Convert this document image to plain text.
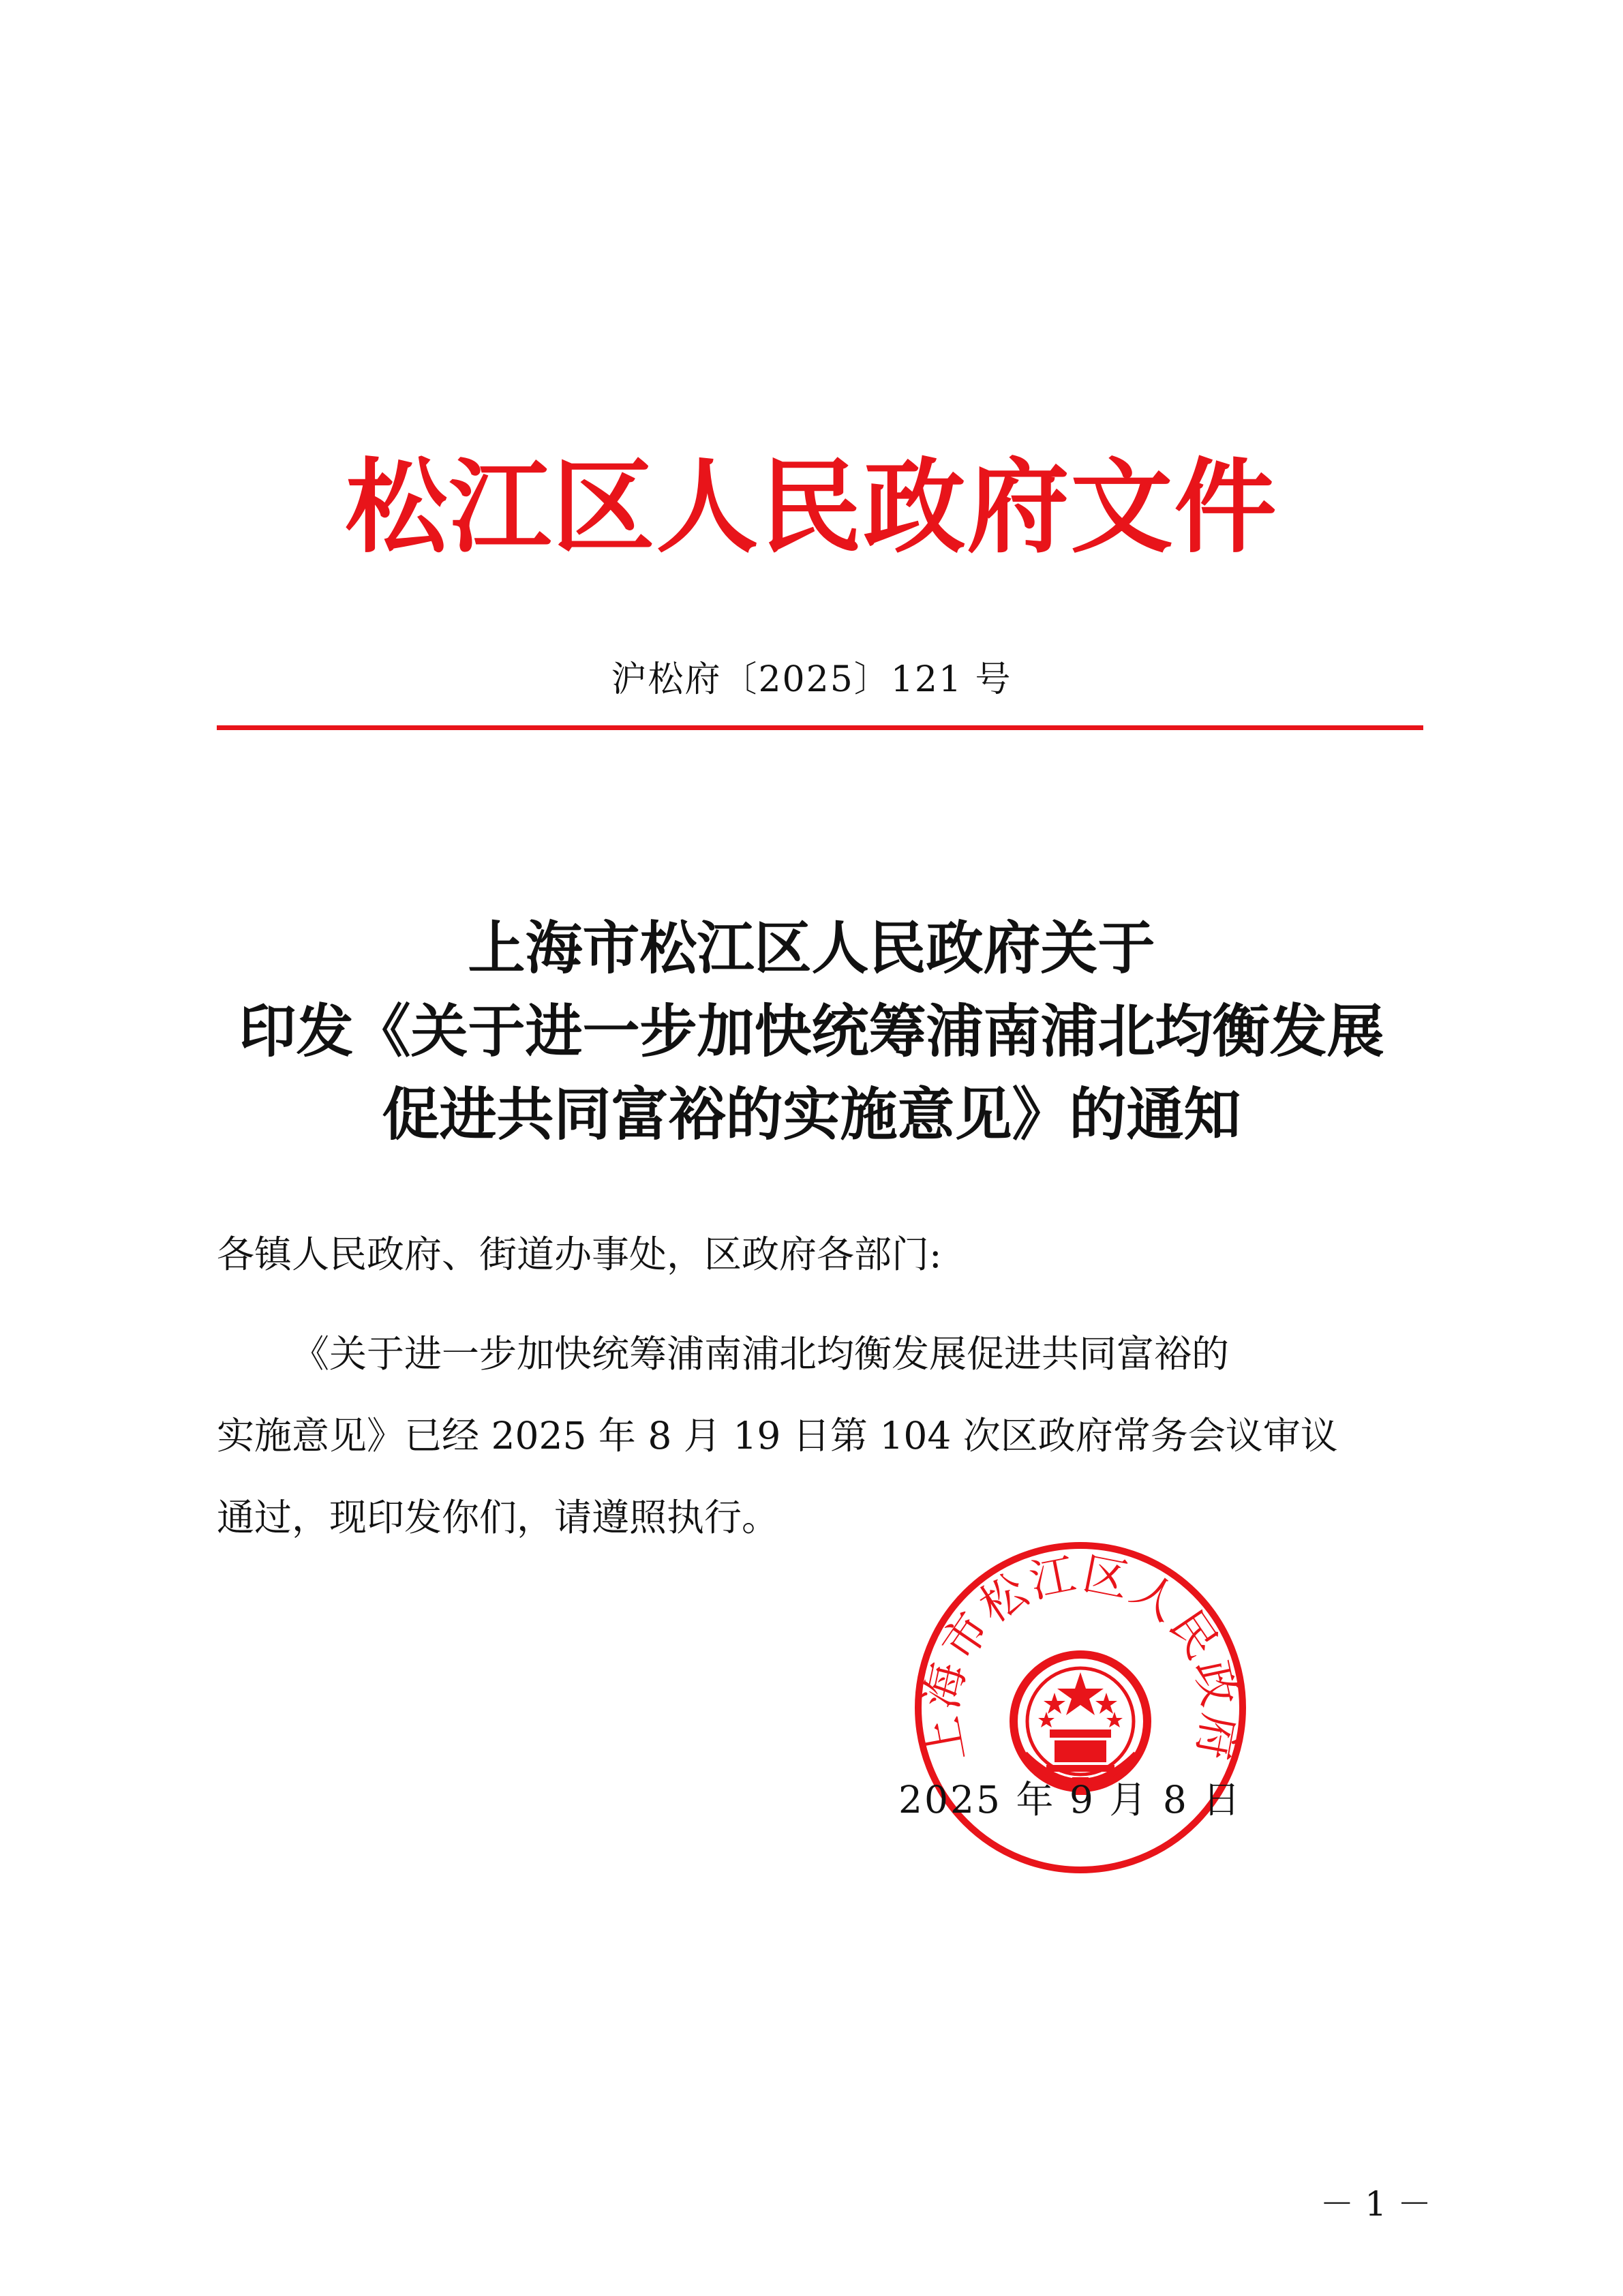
松江区人民政府文件
沪松府〔2025〕121 号
上海市松江区人民政府关于
印发《关于进一步加快统筹浦南浦北均衡发展
促进共同富裕的实施意见》的通知
各镇人民政府、街道办事处，区政府各部门:
《关于进一步加快统筹浦南浦北均衡发展促进共同富裕的
实施意见》已经 2025 年 8 月 19 日第 104 次区政府常务会议审议
通过，现印发你们，请遵照执行。
上海市松江区人民政府
2025 年 9 月 8 日
－ 1 －
